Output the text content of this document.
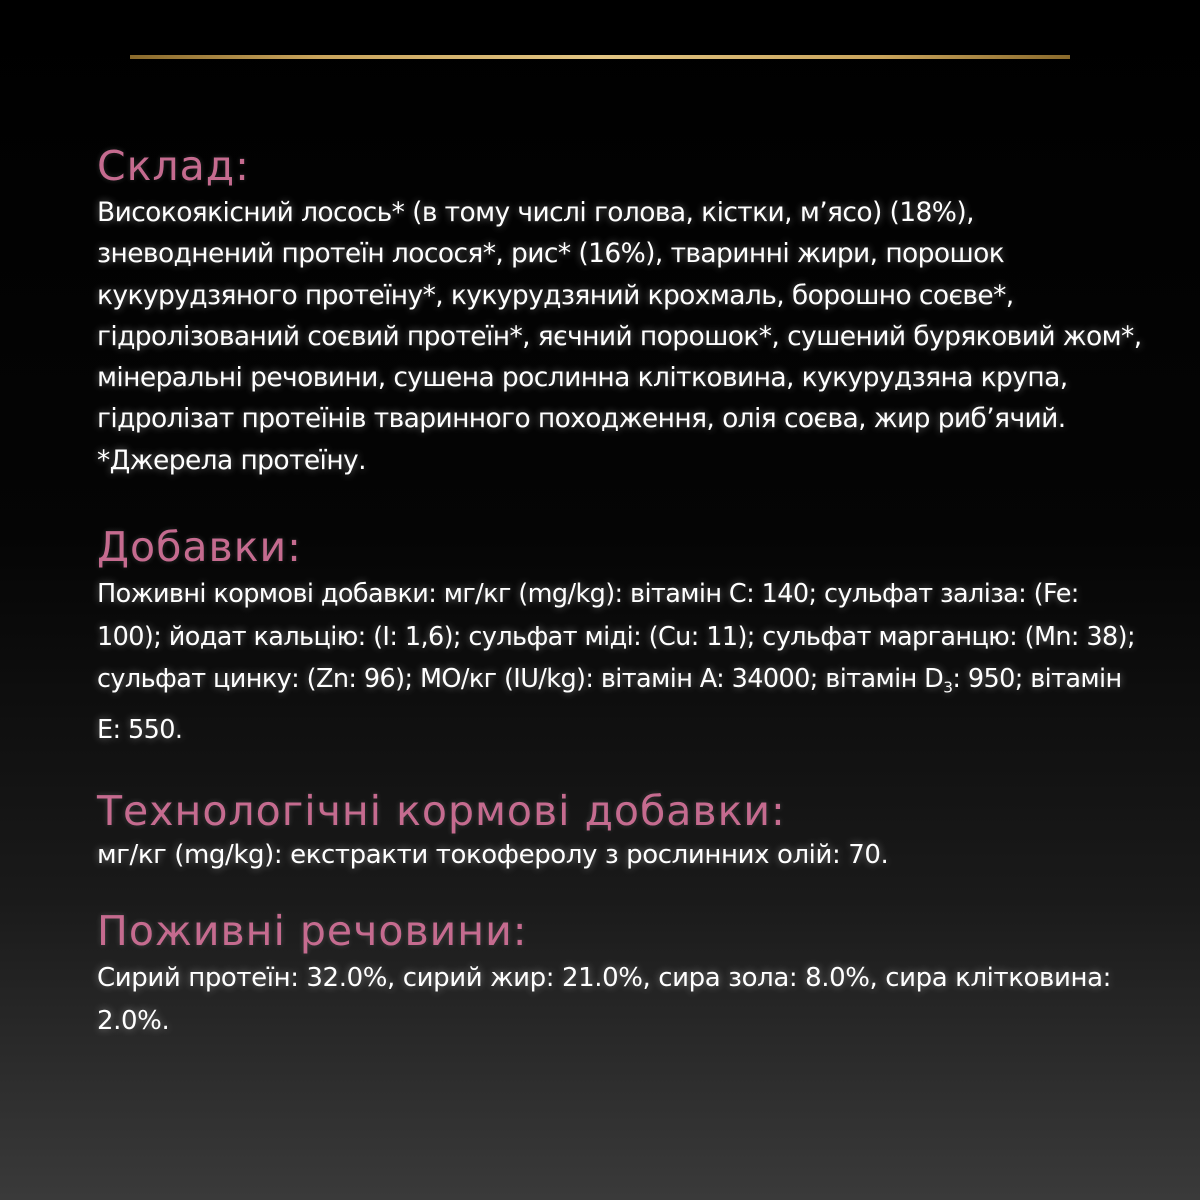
Склад:

Високоякісний лосось* (в тому числі голова, кістки, м’ясо) (18%), зневоднений протеїн лосося*, рис* (16%), тваринні жири, порошок кукурудзяного протеїну*, кукурудзяний крохмаль, борошно соєве*, гідролізований соєвий протеїн*, яєчний порошок*, сушений буряковий жом*, мінеральні речовини, сушена рослинна клітковина, кукурудзяна крупа, гідролізат протеїнів тваринного походження, олія соєва, жир риб’ячий. *Джерела протеїну.

Добавки:

Поживні кормові добавки: мг/кг (mg/kg): вітамін C: 140; сульфат заліза: (Fe: 100); йодат кальцію: (I: 1,6); сульфат міді: (Cu: 11); сульфат марганцю: (Mn: 38); сульфат цинку: (Zn: 96); МО/кг (IU/kg): вітамін A: 34000; вітамін $D_3$: 950; вітамін E: 550.

Технологічні кормові добавки:

мг/кг (mg/kg): екстракти токоферолу з рослинних олій: 70.

Поживні речовини:

Сирий протеїн: 32.0%, сирий жир: 21.0%, сира зола: 8.0%, сира клітковина: 2.0%.
